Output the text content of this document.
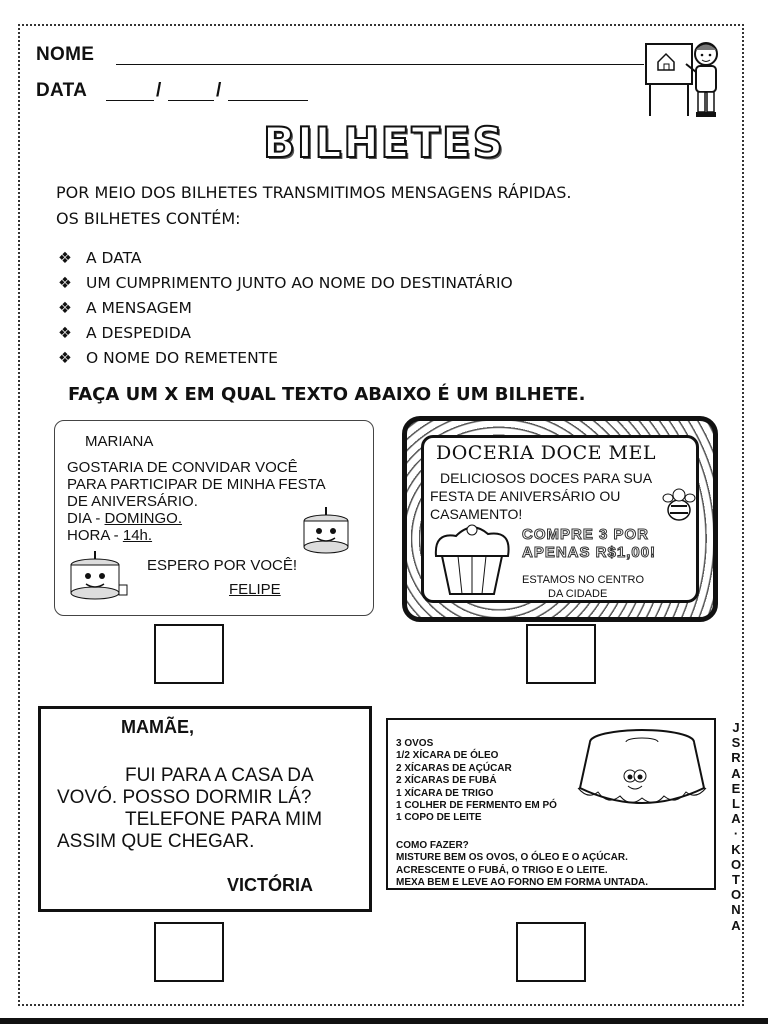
NOME
DATA	/	/
BILHETES
POR MEIO DOS BILHETES TRANSMITIMOS MENSAGENS RÁPIDAS.
OS BILHETES CONTÉM:
❖ A DATA
❖ UM CUMPRIMENTO JUNTO AO NOME DO DESTINATÁRIO
❖ A MENSAGEM
❖ A DESPEDIDA
❖ O NOME DO REMETENTE
FAÇA UM X EM QUAL TEXTO ABAIXO É UM BILHETE.
MARIANA
GOSTARIA DE CONVIDAR VOCÊ
PARA PARTICIPAR DE MINHA FESTA
DE ANIVERSÁRIO.
DIA - DOMINGO.
HORA - 14h.
ESPERO POR VOCÊ!
FELIPE
DOCERIA DOCE MEL
DELICIOSOS DOCES PARA SUA
FESTA DE ANIVERSÁRIO OU
CASAMENTO!
COMPRE 3 POR
APENAS R$1,00!
ESTAMOS NO CENTRO
DA CIDADE
MAMÃE,
FUI PARA A CASA DA
VOVÓ. POSSO DORMIR LÁ?
TELEFONE PARA MIM
ASSIM QUE CHEGAR.
VICTÓRIA
3 OVOS
1/2 XÍCARA DE ÓLEO
2 XÍCARAS DE AÇÚCAR
2 XÍCARAS DE FUBÁ
1 XÍCARA DE TRIGO
1 COLHER DE FERMENTO EM PÓ
1 COPO DE LEITE
COMO FAZER?
MISTURE BEM OS OVOS, O ÓLEO E O AÇÚCAR.
ACRESCENTE O FUBÁ, O TRIGO E O LEITE.
MEXA BEM E LEVE AO FORNO EM FORMA UNTADA.
J
S
R
A
E
L
A
·
K
O
T
O
N
A
